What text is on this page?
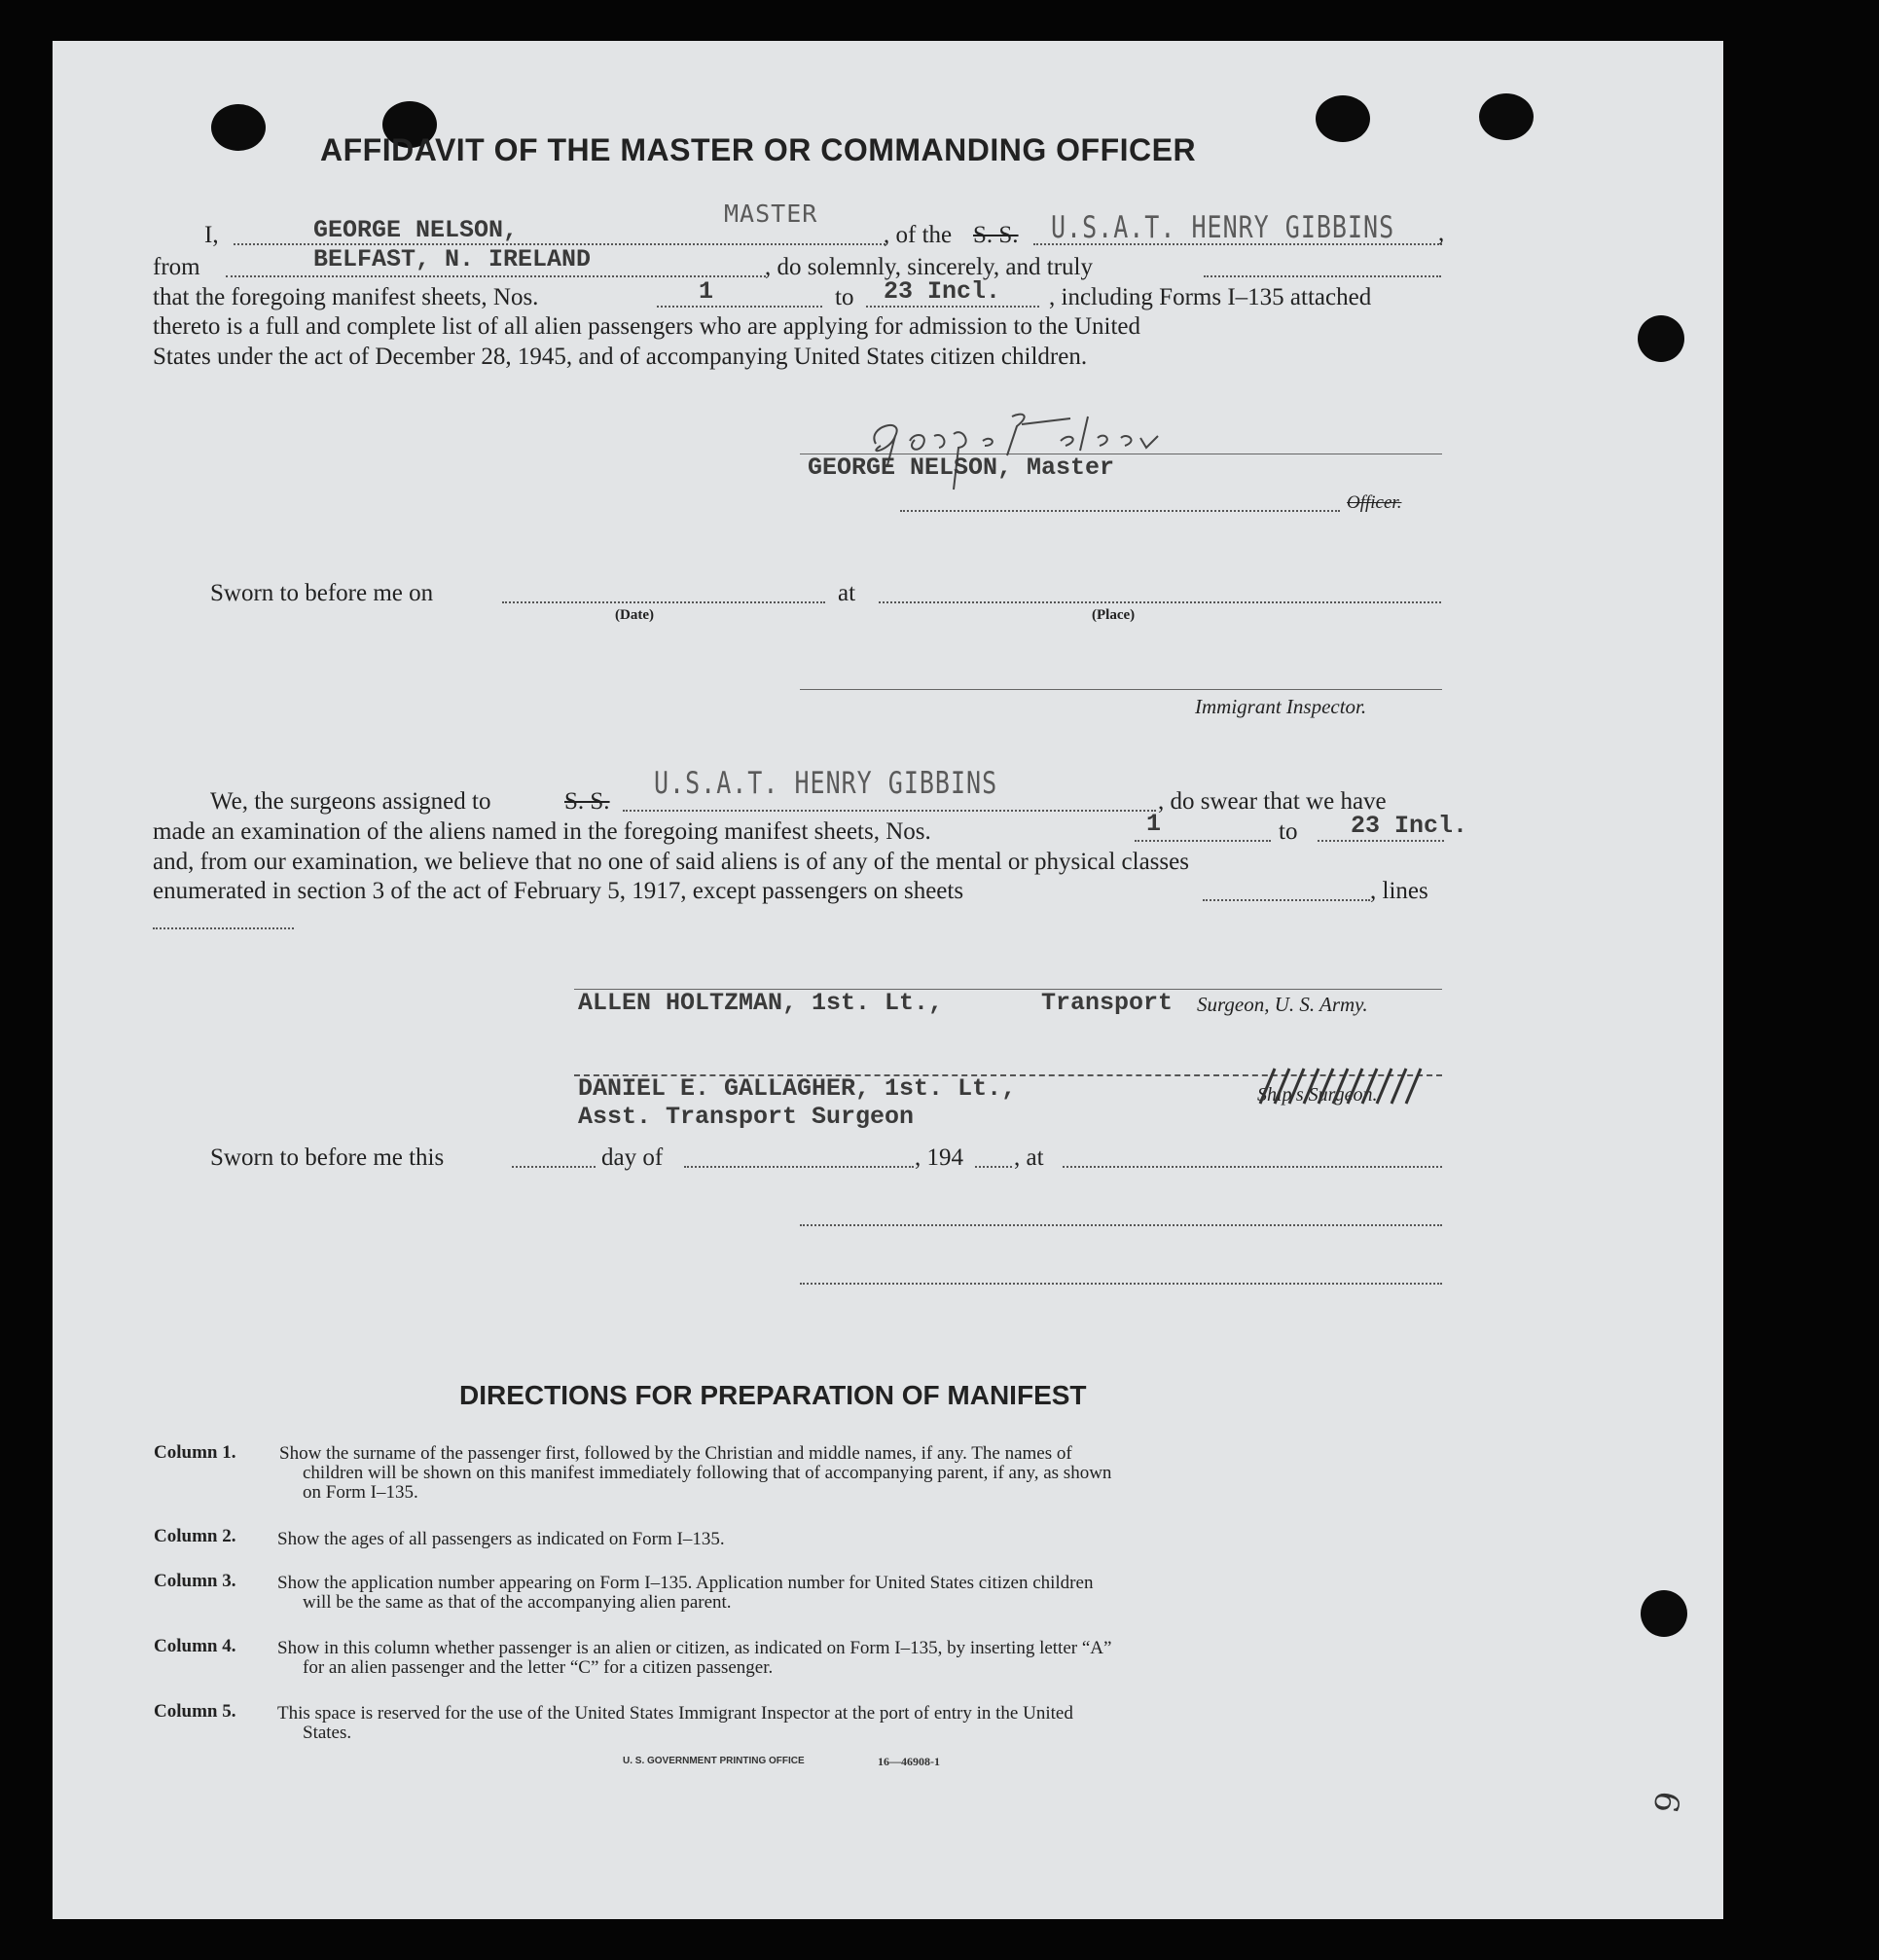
AFFIDAVIT OF THE MASTER OR COMMANDING OFFICER
I,	GEORGE NELSON,
MASTER
, of the S. S. U.S.A.T. HENRY GIBBINS ,
from	BELFAST, N. IRELAND	, do solemnly, sincerely, and truly
that the foregoing manifest sheets, Nos.	1	to 23 Incl. , including Forms I–135 attached
thereto is a full and complete list of all alien passengers who are applying for admission to the United
States under the act of December 28, 1945, and of accompanying United States citizen children.
GEORGE NELSON, Master
Officer.
Sworn to before me on
(Date)
at
(Place)
Immigrant Inspector.
We, the surgeons assigned to	S. S.
U.S.A.T. HENRY GIBBINS
, do swear that we have
made an examination of the aliens named in the foregoing manifest sheets, Nos.	1	to 23 Incl.
and, from our examination, we believe that no one of said aliens is of any of the mental or physical classes
enumerated in section 3 of the act of February 5, 1917, except passengers on sheets	, lines
ALLEN HOLTZMAN, 1st. Lt.,	Transport Surgeon, U. S. Army.
DANIEL E. GALLAGHER, 1st. Lt.,
Asst. Transport Surgeon
Ship's Surgeon.
Sworn to before me this	day of	, 194 , at
DIRECTIONS FOR PREPARATION OF MANIFEST
Column 1. Show the surname of the passenger first, followed by the Christian and middle names, if any. The names of
children will be shown on this manifest immediately following that of accompanying parent, if any, as shown
on Form I–135.
Column 2. Show the ages of all passengers as indicated on Form I–135.
Column 3. Show the application number appearing on Form I–135. Application number for United States citizen children
will be the same as that of the accompanying alien parent.
Column 4. Show in this column whether passenger is an alien or citizen, as indicated on Form I–135, by inserting letter “A”
for an alien passenger and the letter “C” for a citizen passenger.
Column 5. This space is reserved for the use of the United States Immigrant Inspector at the port of entry in the United
States.
U. S. GOVERNMENT PRINTING OFFICE	16—46908-1
9
